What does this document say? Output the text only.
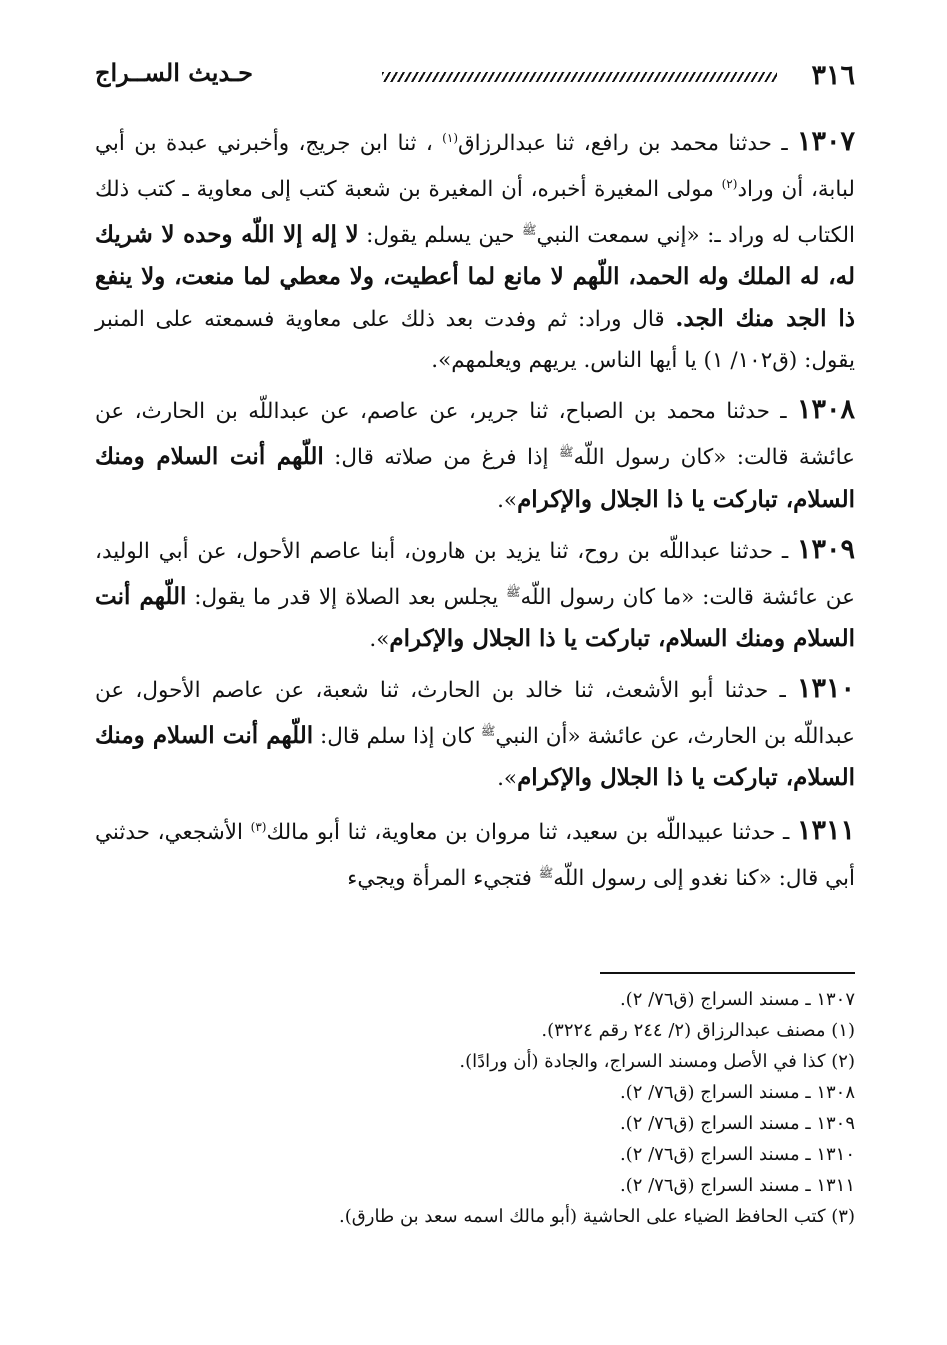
٣١٦
حـديث الســراج

١٣٠٧ ـ حدثنا محمد بن رافع، ثنا عبدالرزاق$^{(١)}$ ، ثنا ابن جريج، وأخبرني عبدة بن أبي لبابة، أن وراد$^{(٢)}$ مولى المغيرة أخبره، أن المغيرة بن شعبة كتب إلى معاوية ـ كتب ذلك الكتاب له وراد ـ: «إني سمعت النبي$^ﷺ$ حين يسلم يقول: لا إله إلا اللّه وحده لا شريك له، له الملك وله الحمد، اللّهم لا مانع لما أعطيت، ولا معطي لما منعت، ولا ينفع ذا الجد منك الجد. قال وراد: ثم وفدت بعد ذلك على معاوية فسمعته على المنبر يقول: (ق١٠٢/ ١) يا أيها الناس. يريهم ويعلمهم».

١٣٠٨ ـ حدثنا محمد بن الصباح، ثنا جرير، عن عاصم، عن عبداللّه بن الحارث، عن عائشة قالت: «كان رسول اللّه$^ﷺ$ إذا فرغ من صلاته قال: اللّهم أنت السلام ومنك السلام، تباركت يا ذا الجلال والإكرام».

١٣٠٩ ـ حدثنا عبداللّه بن روح، ثنا يزيد بن هارون، أبنا عاصم الأحول، عن أبي الوليد، عن عائشة قالت: «ما كان رسول اللّه$^ﷺ$ يجلس بعد الصلاة إلا قدر ما يقول: اللّهم أنت السلام ومنك السلام، تباركت يا ذا الجلال والإكرام».

١٣١٠ ـ حدثنا أبو الأشعث، ثنا خالد بن الحارث، ثنا شعبة، عن عاصم الأحول، عن عبداللّه بن الحارث، عن عائشة «أن النبي$^ﷺ$ كان إذا سلم قال: اللّهم أنت السلام ومنك السلام، تباركت يا ذا الجلال والإكرام».

١٣١١ ـ حدثنا عبيداللّه بن سعيد، ثنا مروان بن معاوية، ثنا أبو مالك$^{(٣)}$ الأشجعي، حدثني أبي قال: «كنا نغدو إلى رسول اللّه$^ﷺ$ فتجيء المرأة ويجيء

١٣٠٧ ـ مسند السراج (ق٧٦/ ٢).

(١) مصنف عبدالرزاق (٢/ ٢٤٤ رقم ٣٢٢٤).

(٢) كذا في الأصل ومسند السراج، والجادة (أن ورادًا).

١٣٠٨ ـ مسند السراج (ق٧٦/ ٢).

١٣٠٩ ـ مسند السراج (ق٧٦/ ٢).

١٣١٠ ـ مسند السراج (ق٧٦/ ٢).

١٣١١ ـ مسند السراج (ق٧٦/ ٢).

(٣) كتب الحافظ الضياء على الحاشية (أبو مالك اسمه سعد بن طارق).
